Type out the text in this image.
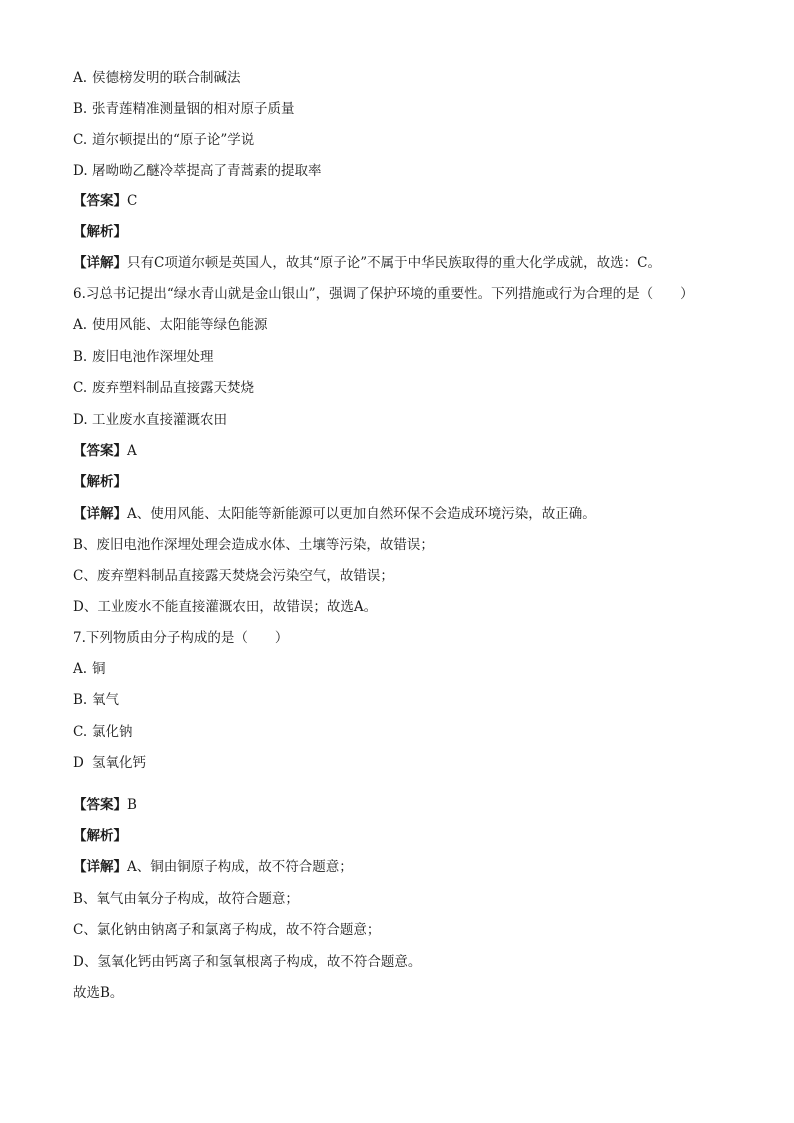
A. 侯德榜发明的联合制碱法
B. 张青莲精准测量铟的相对原子质量
C. 道尔顿提出的“原子论”学说
D. 屠呦呦乙醚冷萃提高了青蒿素的提取率
【答案】C
【解析】
【详解】只有C项道尔顿是英国人，故其“原子论”不属于中华民族取得的重大化学成就，故选：C。
6.习总书记提出“绿水青山就是金山银山”，强调了保护环境的重要性。下列措施或行为合理的是（　　）
A. 使用风能、太阳能等绿色能源
B. 废旧电池作深埋处理
C. 废弃塑料制品直接露天焚烧
D. 工业废水直接灌溉农田
【答案】A
【解析】
【详解】A、使用风能、太阳能等新能源可以更加自然环保不会造成环境污染，故正确。
B、废旧电池作深埋处理会造成水体、土壤等污染，故错误；
C、废弃塑料制品直接露天焚烧会污染空气，故错误；
D、工业废水不能直接灌溉农田，故错误；故选A。
7.下列物质由分子构成的是（　　）
A. 铜
B. 氧气
C. 氯化钠
D 氢氧化钙
【答案】B
【解析】
【详解】A、铜由铜原子构成，故不符合题意；
B、氧气由氧分子构成，故符合题意；
C、氯化钠由钠离子和氯离子构成，故不符合题意；
D、氢氧化钙由钙离子和氢氧根离子构成，故不符合题意。
故选B。
